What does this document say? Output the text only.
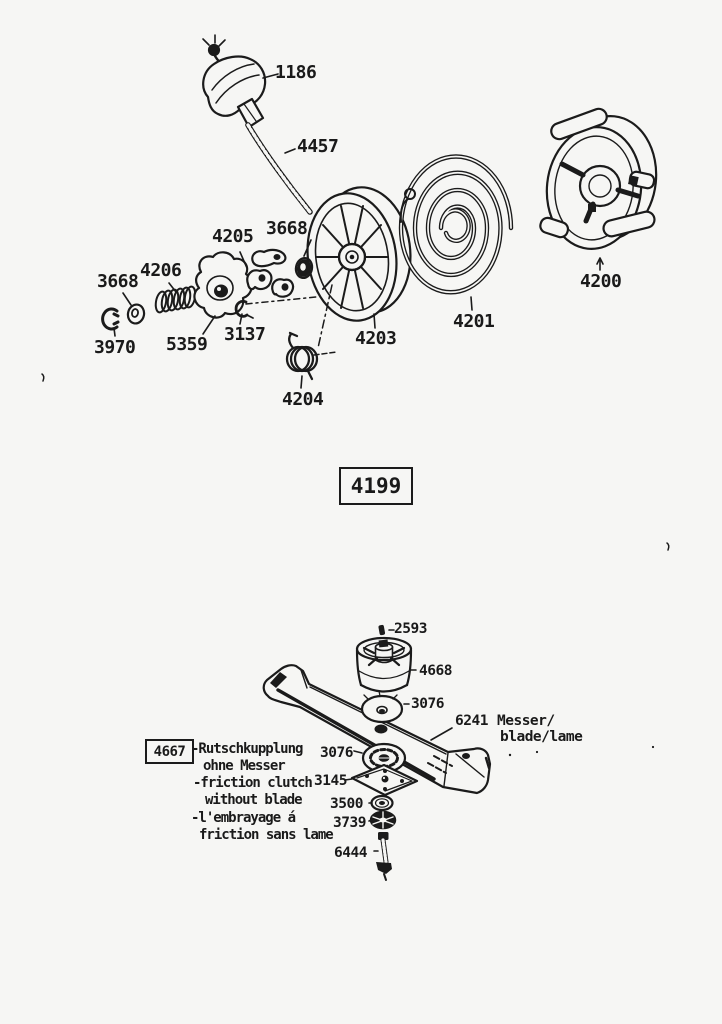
1186
4457
4205 3668
4206
3668
3970 5359 3137	4203
4204
4201
4200
4199
2593
4668
3076
6241 Messer/
blade/lame
3076
3145
3500
3739
6444
4667 -Rutschkupplung
ohne Messer
-friction clutch
without blade
-l'embrayage á
friction sans lame
